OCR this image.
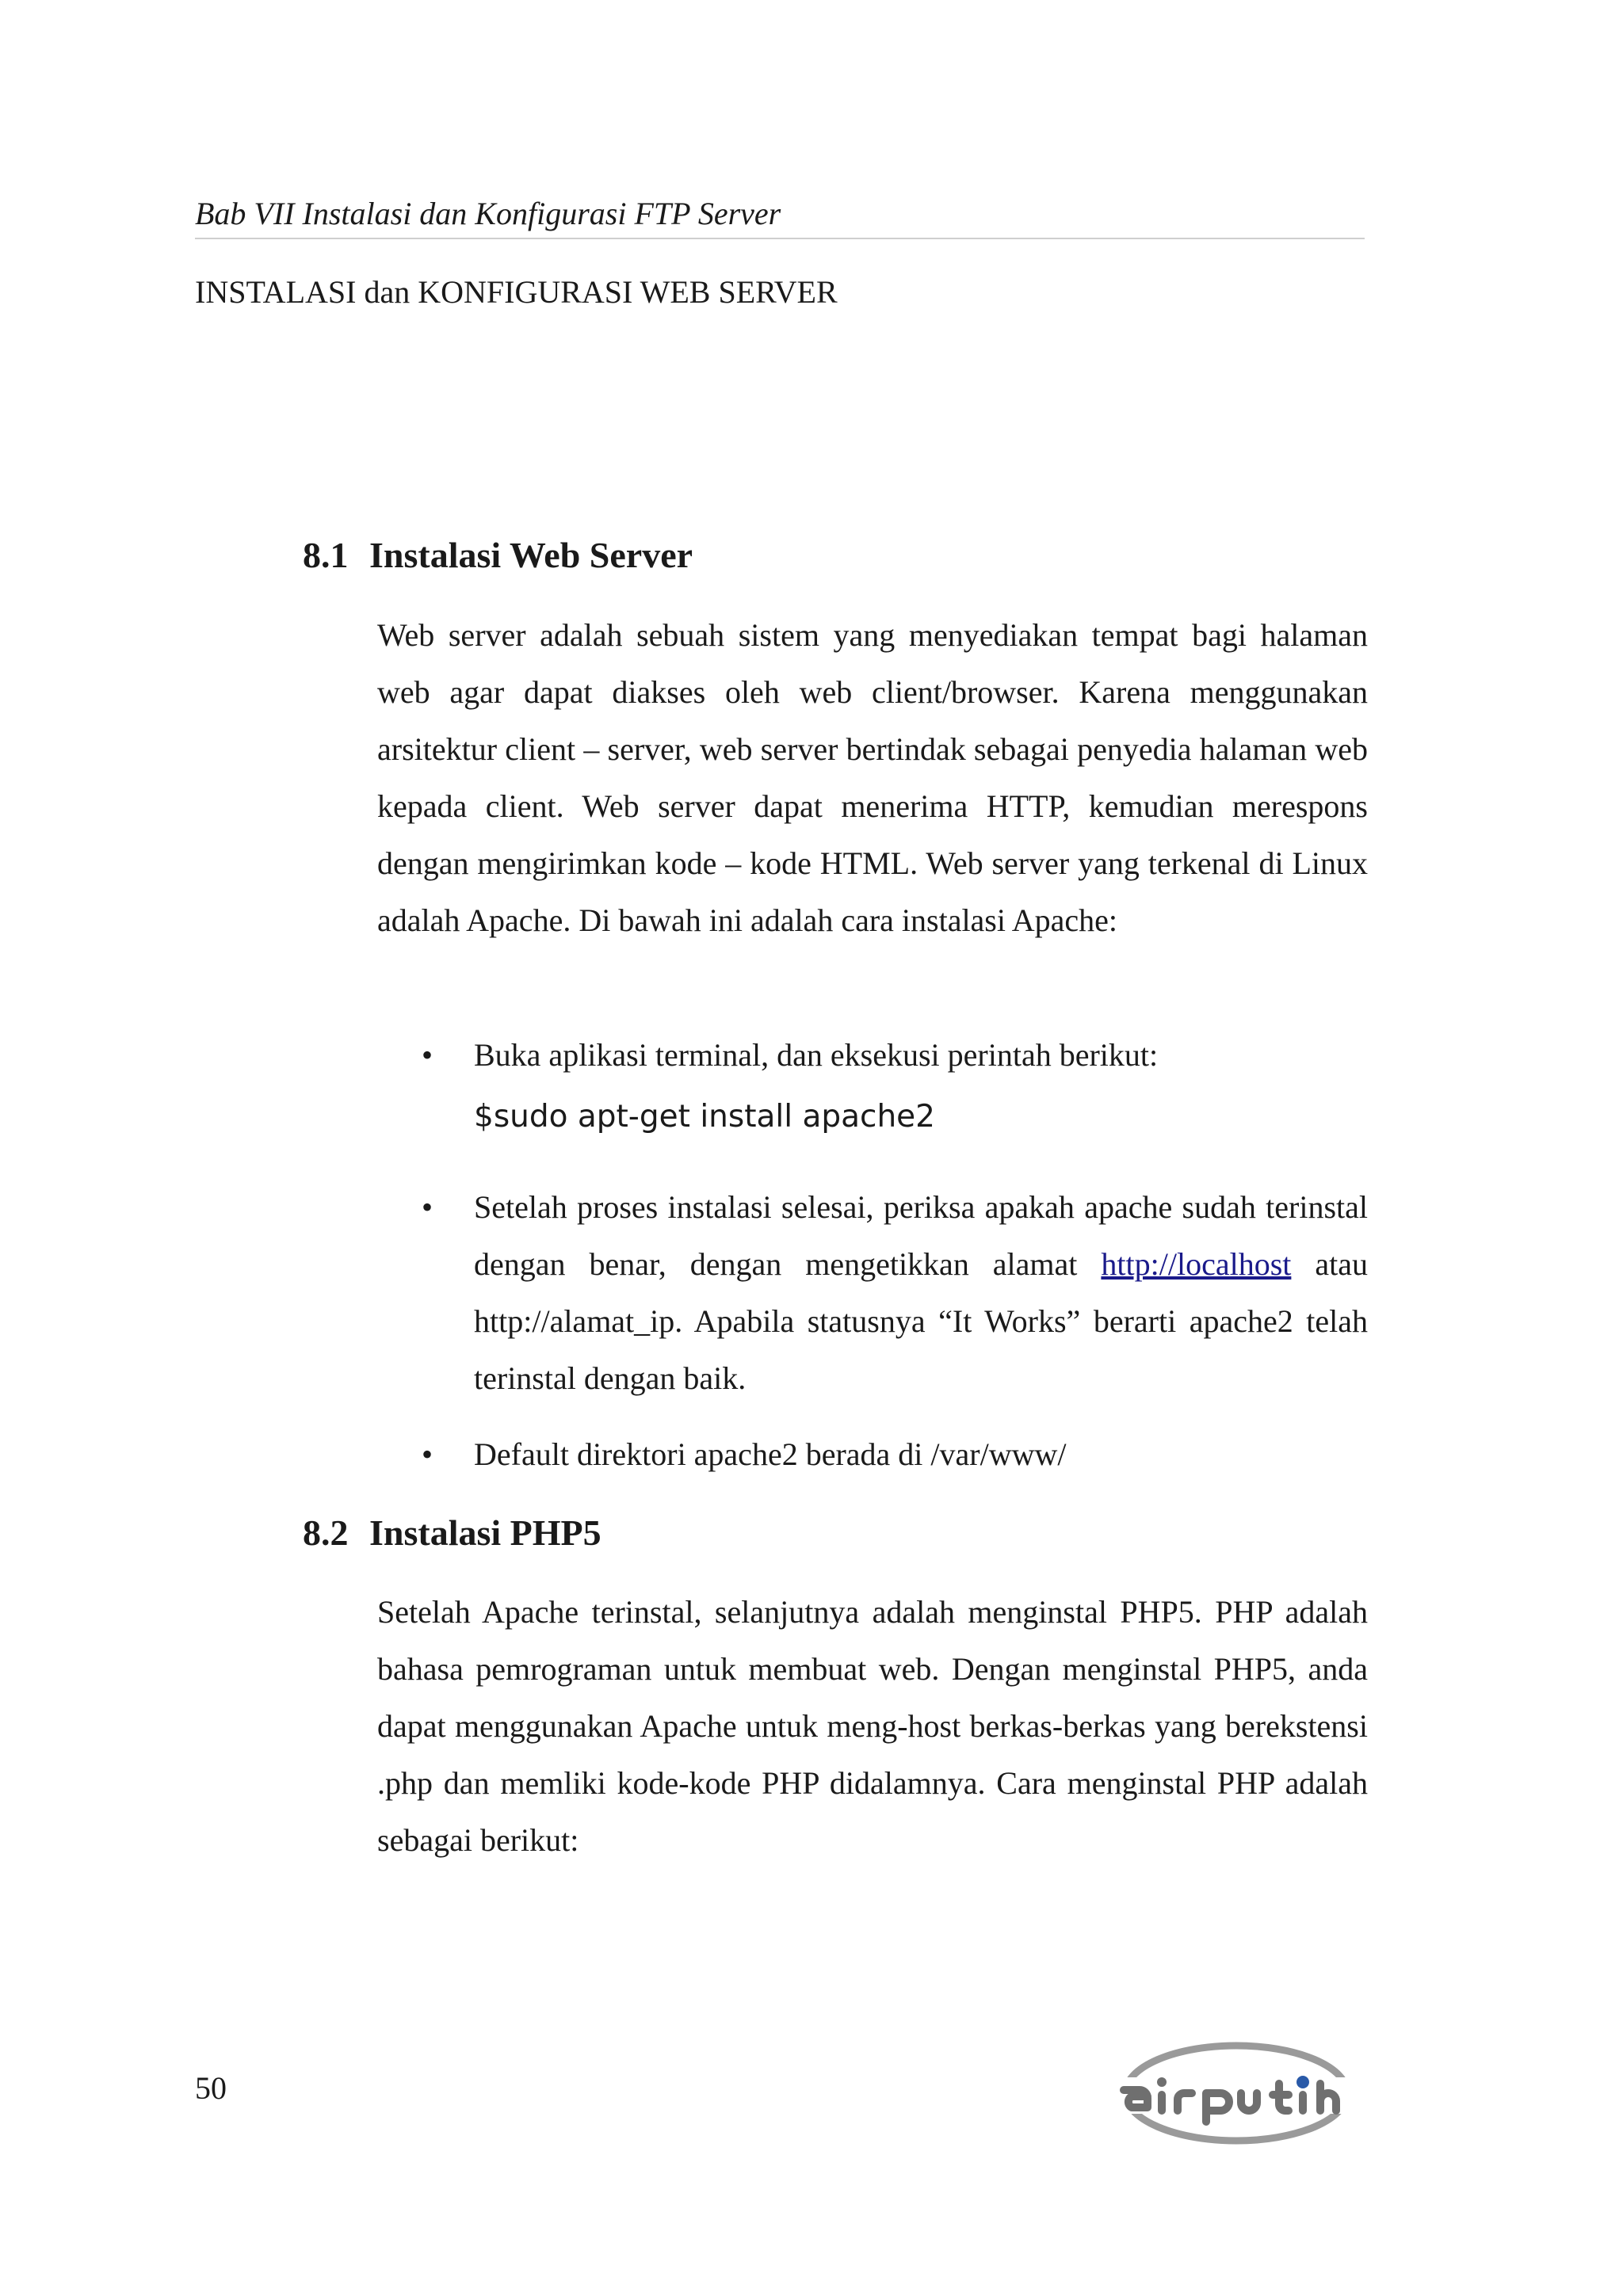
Bab VII Instalasi dan Konfigurasi FTP Server
INSTALASI dan KONFIGURASI WEB SERVER
8.1 Instalasi Web Server

Web server adalah sebuah sistem yang menyediakan tempat bagi halaman web agar dapat diakses oleh web client/browser. Karena menggunakan arsitektur client – server, web server bertindak sebagai penyedia halaman web kepada client. Web server dapat menerima HTTP, kemudian merespons dengan mengirimkan kode – kode HTML. Web server yang terkenal di Linux adalah Apache. Di bawah ini adalah cara instalasi Apache:

• Buka aplikasi terminal, dan eksekusi perintah berikut:
$sudo apt-get install apache2
• Setelah proses instalasi selesai, periksa apakah apache sudah terinstal dengan benar, dengan mengetikkan alamat http://localhost atau http://alamat_ip. Apabila statusnya “It Works” berarti apache2 telah terinstal dengan baik.
• Default direktori apache2 berada di /var/www/
8.2 Instalasi PHP5

Setelah Apache terinstal, selanjutnya adalah menginstal PHP5. PHP adalah bahasa pemrograman untuk membuat web. Dengan menginstal PHP5, anda dapat menggunakan Apache untuk meng-host berkas-berkas yang berekstensi .php dan memliki kode-kode PHP didalamnya. Cara menginstal PHP adalah sebagai berikut:

50
